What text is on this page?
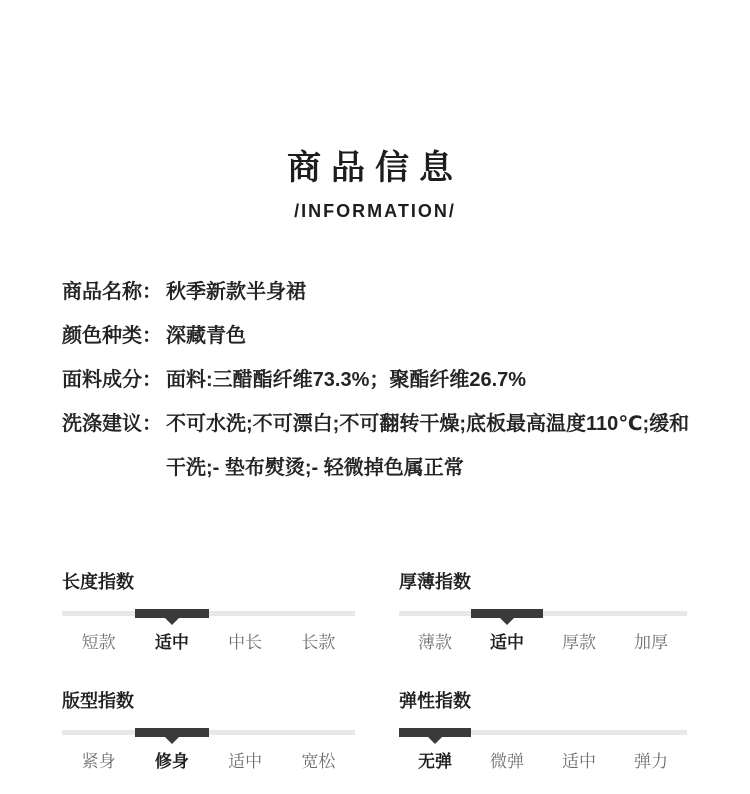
商品信息
/INFORMATION/
商品名称： 秋季新款半身裙
颜色种类： 深藏青色
面料成分： 面料:三醋酯纤维73.3%；聚酯纤维26.7%
洗涤建议： 不可水洗;不可漂白;不可翻转干燥;底板最高温度110℃;缓和干洗;- 垫布熨烫;- 轻微掉色属正常
长度指数
短款	适中	中长	长款
厚薄指数
薄款	适中	厚款	加厚
版型指数
紧身	修身	适中	宽松
弹性指数
无弹	微弹	适中	弹力
